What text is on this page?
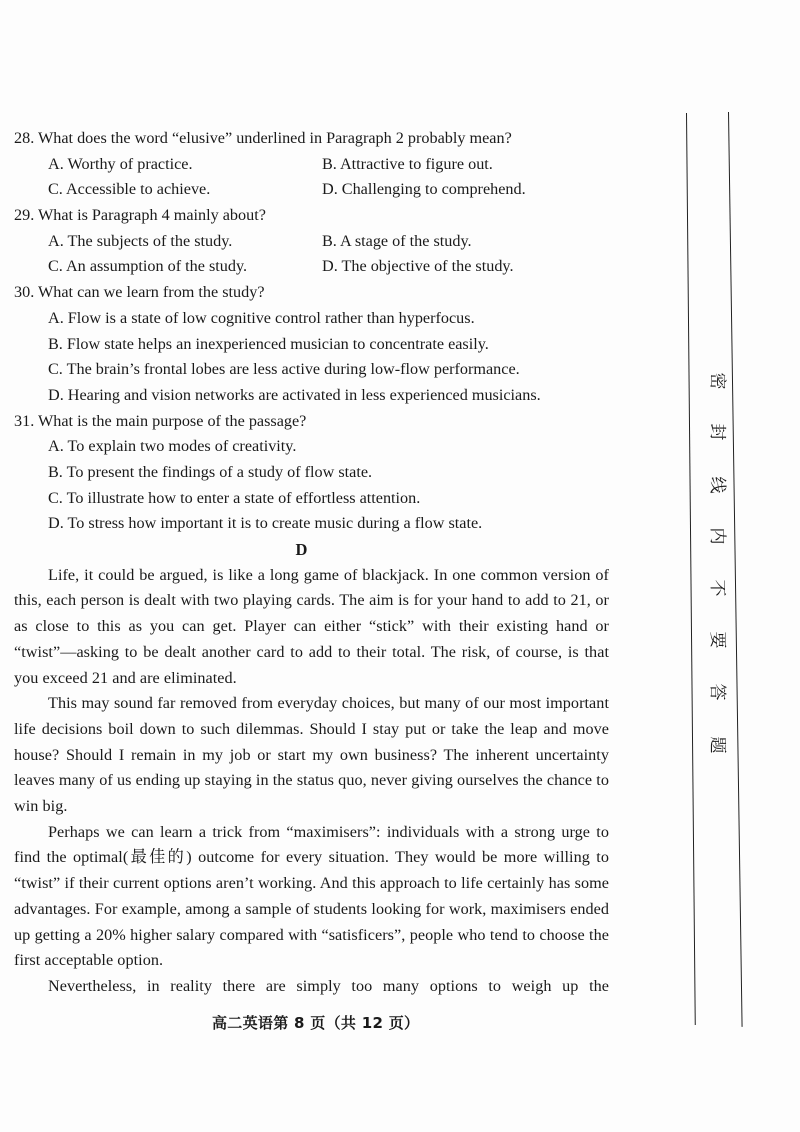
28. What does the word “elusive” underlined in Paragraph 2 probably mean?
A. Worthy of practice.	B. Attractive to figure out.
C. Accessible to achieve.	D. Challenging to comprehend.
29. What is Paragraph 4 mainly about?
A. The subjects of the study.	B. A stage of the study.
C. An assumption of the study.	D. The objective of the study.
30. What can we learn from the study?
A. Flow is a state of low cognitive control rather than hyperfocus.
B. Flow state helps an inexperienced musician to concentrate easily.
C. The brain’s frontal lobes are less active during low-flow performance.
D. Hearing and vision networks are activated in less experienced musicians.
31. What is the main purpose of the passage?
A. To explain two modes of creativity.
B. To present the findings of a study of flow state.
C. To illustrate how to enter a state of effortless attention.
D. To stress how important it is to create music during a flow state.
D

Life, it could be argued, is like a long game of blackjack. In one common version of this, each person is dealt with two playing cards. The aim is for your hand to add to 21, or as close to this as you can get. Player can either “stick” with their existing hand or “twist”—asking to be dealt another card to add to their total. The risk, of course, is that you exceed 21 and are eliminated.

This may sound far removed from everyday choices, but many of our most important life decisions boil down to such dilemmas. Should I stay put or take the leap and move house? Should I remain in my job or start my own business? The inherent uncertainty leaves many of us ending up staying in the status quo, never giving ourselves the chance to win big.

Perhaps we can learn a trick from “maximisers”: individuals with a strong urge to find the optimal(最佳的) outcome for every situation. They would be more willing to “twist” if their current options aren’t working. And this approach to life certainly has some advantages. For example, among a sample of students looking for work, maximisers ended up getting a 20% higher salary compared with “satisficers”, people who tend to choose the first acceptable option.

Nevertheless, in reality there are simply too many options to weigh up the

高二英语第 8 页（共 12 页）
密
封
线
内
不
要
答
题
